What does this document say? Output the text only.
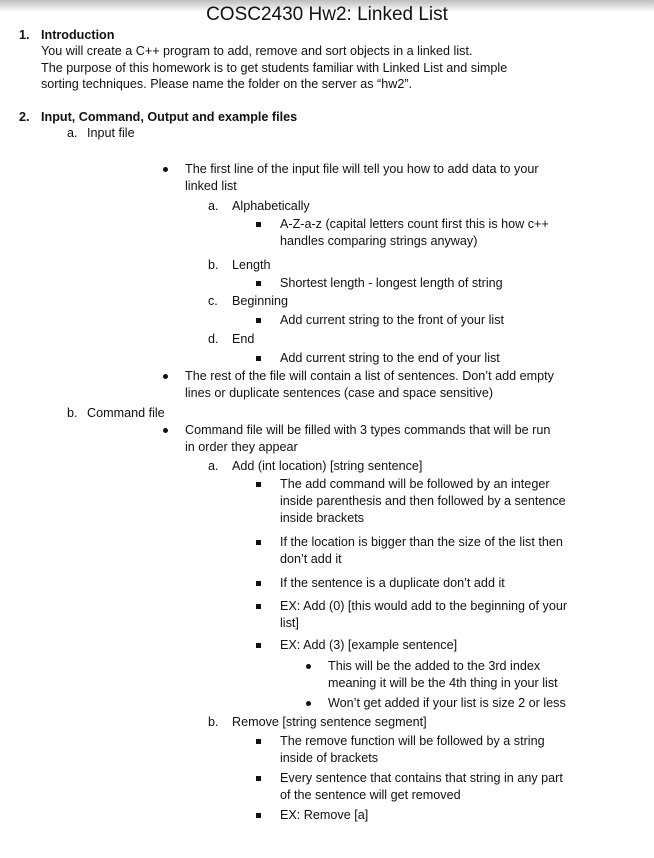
COSC2430 Hw2: Linked List
1. Introduction
You will create a C++ program to add, remove and sort objects in a linked list.
The purpose of this homework is to get students familiar with Linked List and simple
sorting techniques. Please name the folder on the server as “hw2”.
2. Input, Command, Output and example files
a. Input file
The first line of the input file will tell you how to add data to your
linked list
a. Alphabetically
A-Z-a-z (capital letters count first this is how c++
handles comparing strings anyway)
b. Length
Shortest length - longest length of string
c. Beginning
Add current string to the front of your list
d. End
Add current string to the end of your list
The rest of the file will contain a list of sentences. Don’t add empty
lines or duplicate sentences (case and space sensitive)
b. Command file
Command file will be filled with 3 types commands that will be run
in order they appear
a. Add (int location) [string sentence]
The add command will be followed by an integer
inside parenthesis and then followed by a sentence
inside brackets
If the location is bigger than the size of the list then
don’t add it
If the sentence is a duplicate don’t add it
EX: Add (0) [this would add to the beginning of your
list]
EX: Add (3) [example sentence]
This will be the added to the 3rd index
meaning it will be the 4th thing in your list
Won’t get added if your list is size 2 or less
b. Remove [string sentence segment]
The remove function will be followed by a string
inside of brackets
Every sentence that contains that string in any part
of the sentence will get removed
EX: Remove [a]
